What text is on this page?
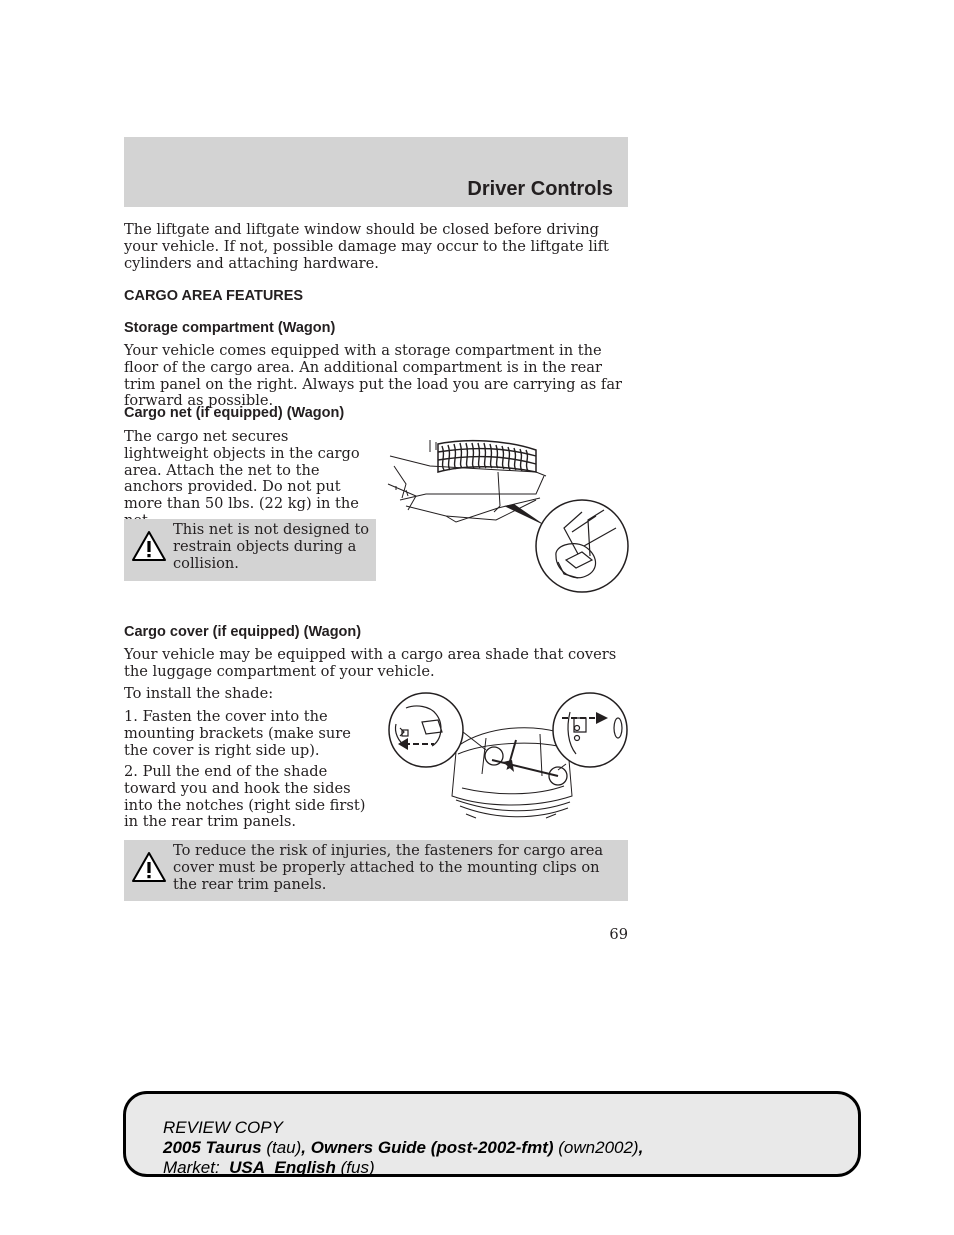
Driver Controls

The liftgate and liftgate window should be closed before driving your vehicle. If not, possible damage may occur to the liftgate lift cylinders and attaching hardware.

CARGO AREA FEATURES
Storage compartment (Wagon)

Your vehicle comes equipped with a storage compartment in the floor of the cargo area. An additional compartment is in the rear trim panel on the right. Always put the load you are carrying as far forward as possible.

Cargo net (if equipped) (Wagon)

The cargo net secures lightweight objects in the cargo area. Attach the net to the anchors provided. Do not put more than 50 lbs. (22 kg) in the

This net is not designed to restrain objects during a collision.
Cargo cover (if equipped) (Wagon)

Your vehicle may be equipped with a cargo area shade that covers the luggage compartment of your vehicle.

To install the shade:

1. Fasten the cover into the mounting brackets (make sure the cover is right side up).

2. Pull the end of the shade toward you and hook the sides into the notches (right side first) in the rear trim panels.

To reduce the risk of injuries, the fasteners for cargo area cover must be properly attached to the mounting clips on the rear trim panels.
69
REVIEW COPY
2005 Taurus (tau), Owners Guide (post-2002-fmt) (own2002),
Market: USA_English (fus)
